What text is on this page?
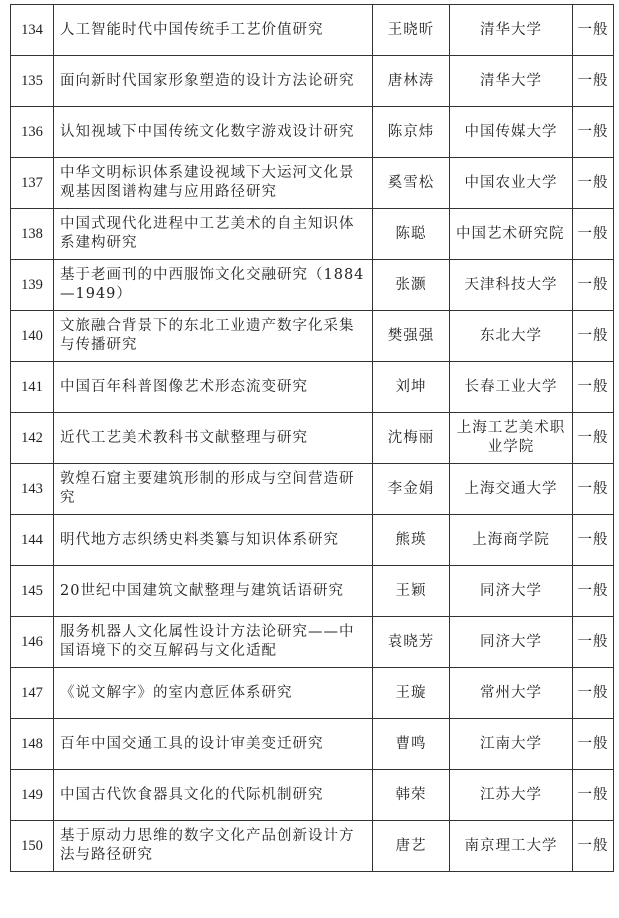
134	人工智能时代中国传统手工艺价值研究	王晓昕	清华大学	一般
135	面向新时代国家形象塑造的设计方法论研究	唐林涛	清华大学	一般
136	认知视域下中国传统文化数字游戏设计研究	陈京炜	中国传媒大学	一般
137	中华文明标识体系建设视域下大运河文化景观基因图谱构建与应用路径研究	奚雪松	中国农业大学	一般
138	中国式现代化进程中工艺美术的自主知识体系建构研究	陈聪	中国艺术研究院	一般
139	基于老画刊的中西服饰文化交融研究（1884—1949）	张灏	天津科技大学	一般
140	文旅融合背景下的东北工业遗产数字化采集与传播研究	樊强强	东北大学	一般
141	中国百年科普图像艺术形态流变研究	刘坤	长春工业大学	一般
142	近代工艺美术教科书文献整理与研究	沈梅丽	上海工艺美术职业学院	一般
143	敦煌石窟主要建筑形制的形成与空间营造研究	李金娟	上海交通大学	一般
144	明代地方志织绣史料类纂与知识体系研究	熊瑛	上海商学院	一般
145	20世纪中国建筑文献整理与建筑话语研究	王颖	同济大学	一般
146	服务机器人文化属性设计方法论研究——中国语境下的交互解码与文化适配	袁晓芳	同济大学	一般
147	《说文解字》的室内意匠体系研究	王璇	常州大学	一般
148	百年中国交通工具的设计审美变迁研究	曹鸣	江南大学	一般
149	中国古代饮食器具文化的代际机制研究	韩荣	江苏大学	一般
150	基于原动力思维的数字文化产品创新设计方法与路径研究	唐艺	南京理工大学	一般
